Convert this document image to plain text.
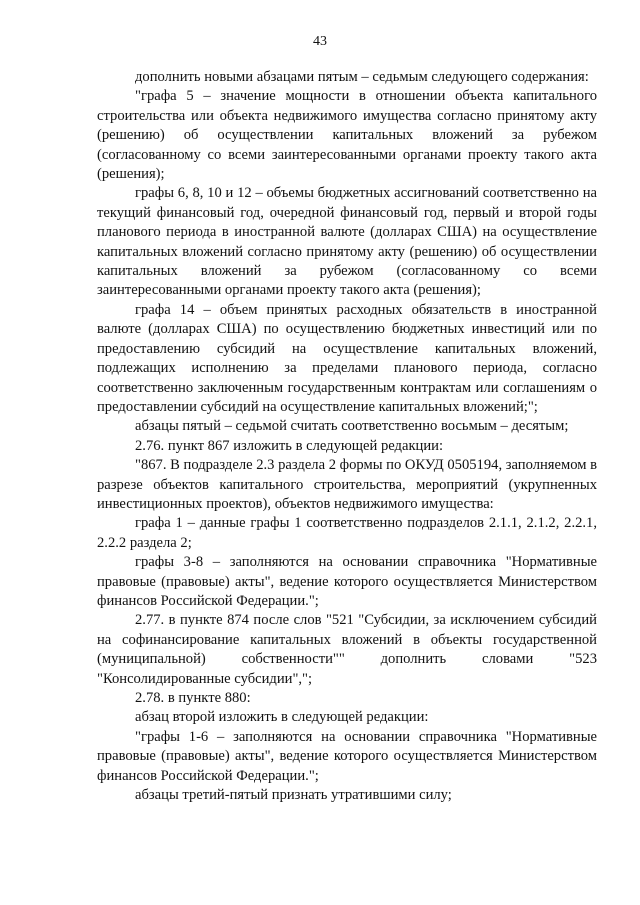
43

дополнить новыми абзацами пятым – седьмым следующего содержания:

"графа 5 – значение мощности в отношении объекта капитального строительства или объекта недвижимого имущества согласно принятому акту (решению) об осуществлении капитальных вложений за рубежом (согласованному со всеми заинтересованными органами проекту такого акта (решения);

графы 6, 8, 10 и 12 – объемы бюджетных ассигнований соответственно на текущий финансовый год, очередной финансовый год, первый и второй годы планового периода в иностранной валюте (долларах США) на осуществление капитальных вложений согласно принятому акту (решению) об осуществлении капитальных вложений за рубежом (согласованному со всеми заинтересованными органами проекту такого акта (решения);

графа 14 – объем принятых расходных обязательств в иностранной валюте (долларах США) по осуществлению бюджетных инвестиций или по предоставлению субсидий на осуществление капитальных вложений, подлежащих исполнению за пределами планового периода, согласно соответственно заключенным государственным контрактам или соглашениям о предоставлении субсидий на осуществление капитальных вложений;";

абзацы пятый – седьмой считать соответственно восьмым – десятым;

2.76. пункт 867 изложить в следующей редакции:

"867. В подразделе 2.3 раздела 2 формы по ОКУД 0505194, заполняемом в разрезе объектов капитального строительства, мероприятий (укрупненных инвестиционных проектов), объектов недвижимого имущества:

графа 1 – данные графы 1 соответственно подразделов 2.1.1, 2.1.2, 2.2.1, 2.2.2 раздела 2;

графы 3-8 – заполняются на основании справочника "Нормативные правовые (правовые) акты", ведение которого осуществляется Министерством финансов Российской Федерации.";

2.77. в пункте 874 после слов "521 "Субсидии, за исключением субсидий на софинансирование капитальных вложений в объекты государственной (муниципальной) собственности"" дополнить словами "523 "Консолидированные субсидии",";

2.78. в пункте 880:

абзац второй изложить в следующей редакции:

"графы 1-6 – заполняются на основании справочника "Нормативные правовые (правовые) акты", ведение которого осуществляется Министерством финансов Российской Федерации.";

абзацы третий-пятый признать утратившими силу;
